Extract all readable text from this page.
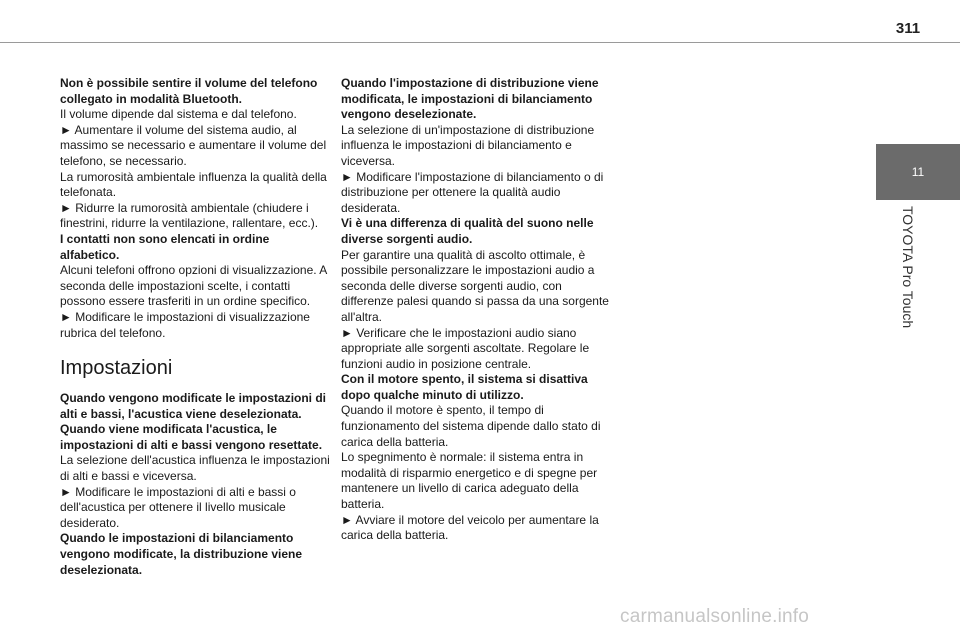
311
11
TOYOTA Pro Touch

Non è possibile sentire il volume del telefono collegato in modalità Bluetooth.

Il volume dipende dal sistema e dal telefono.

► Aumentare il volume del sistema audio, al massimo se necessario e aumentare il volume del telefono, se necessario.

La rumorosità ambientale influenza la qualità della telefonata.

► Ridurre la rumorosità ambientale (chiudere i finestrini, ridurre la ventilazione, rallentare, ecc.).

I contatti non sono elencati in ordine alfabetico.

Alcuni telefoni offrono opzioni di visualizzazione. A seconda delle impostazioni scelte, i contatti possono essere trasferiti in un ordine specifico.

► Modificare le impostazioni di visualizzazione rubrica del telefono.

Impostazioni

Quando vengono modificate le impostazioni di alti e bassi, l'acustica viene deselezionata. Quando viene modificata l'acustica, le impostazioni di alti e bassi vengono resettate.

La selezione dell'acustica influenza le impostazioni di alti e bassi e viceversa.

► Modificare le impostazioni di alti e bassi o dell'acustica per ottenere il livello musicale desiderato.

Quando le impostazioni di bilanciamento vengono modificate, la distribuzione viene deselezionata.

Quando l'impostazione di distribuzione viene modificata, le impostazioni di bilanciamento vengono deselezionate.

La selezione di un'impostazione di distribuzione influenza le impostazioni di bilanciamento e viceversa.

► Modificare l'impostazione di bilanciamento o di distribuzione per ottenere la qualità audio desiderata.

Vi è una differenza di qualità del suono nelle diverse sorgenti audio.

Per garantire una qualità di ascolto ottimale, è possibile personalizzare le impostazioni audio a seconda delle diverse sorgenti audio, con differenze palesi quando si passa da una sorgente all'altra.

► Verificare che le impostazioni audio siano appropriate alle sorgenti ascoltate. Regolare le funzioni audio in posizione centrale.

Con il motore spento, il sistema si disattiva dopo qualche minuto di utilizzo.

Quando il motore è spento, il tempo di funzionamento del sistema dipende dallo stato di carica della batteria.

Lo spegnimento è normale: il sistema entra in modalità di risparmio energetico e di spegne per mantenere un livello di carica adeguato della batteria.

► Avviare il motore del veicolo per aumentare la carica della batteria.

carmanualsonline.info
